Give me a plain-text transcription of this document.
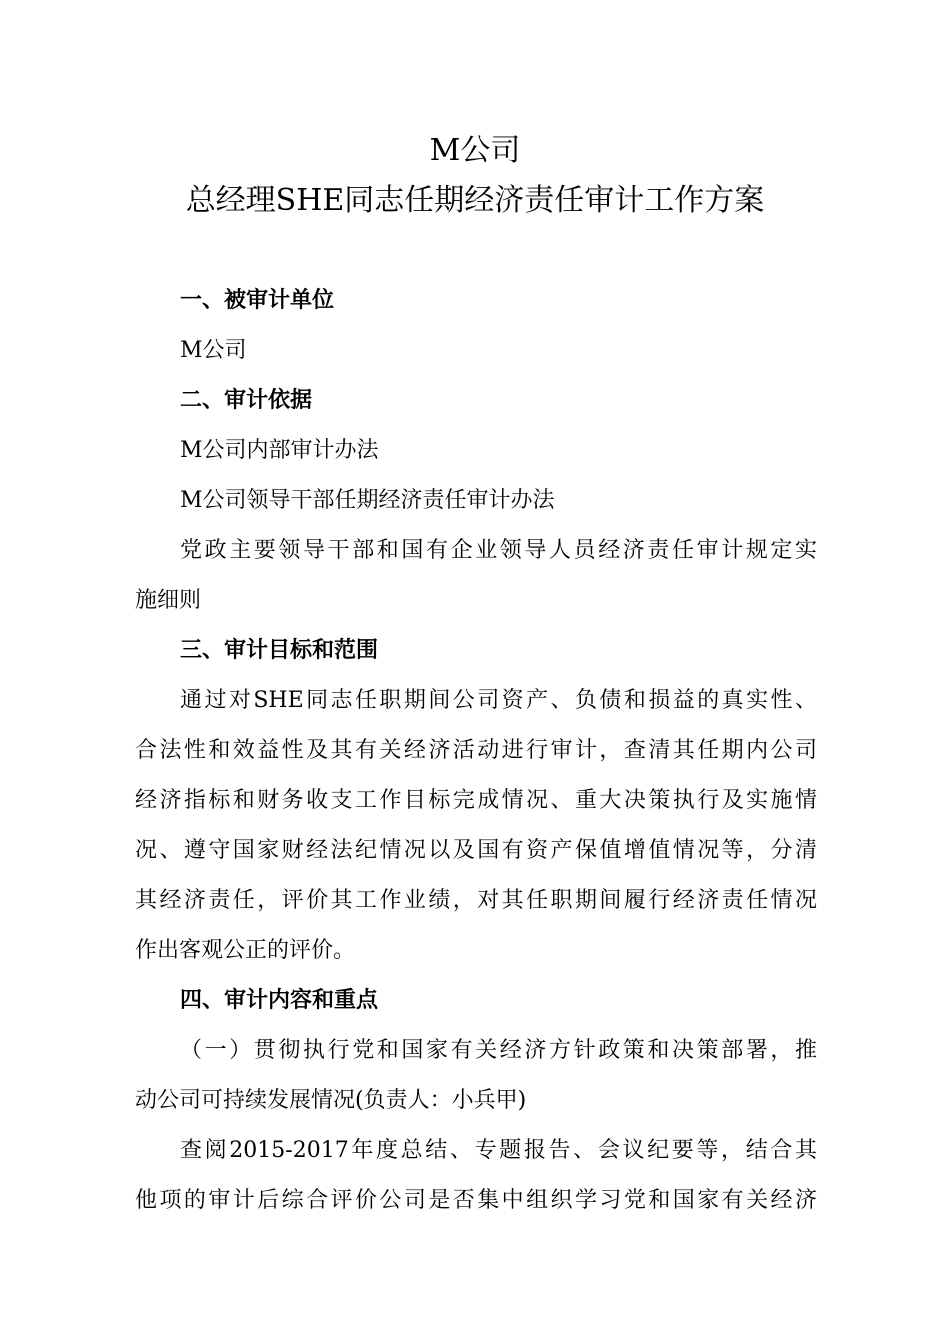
M公司
总经理SHE同志任期经济责任审计工作方案
一、被审计单位
M公司
二、审计依据
M公司内部审计办法
M公司领导干部任期经济责任审计办法
党政主要领导干部和国有企业领导人员经济责任审计规定实
施细则
三、审计目标和范围
通过对SHE同志任职期间公司资产、负债和损益的真实性、
合法性和效益性及其有关经济活动进行审计，查清其任期内公司
经济指标和财务收支工作目标完成情况、重大决策执行及实施情
况、遵守国家财经法纪情况以及国有资产保值增值情况等，分清
其经济责任，评价其工作业绩，对其任职期间履行经济责任情况
作出客观公正的评价。
四、审计内容和重点
（一）贯彻执行党和国家有关经济方针政策和决策部署，推
动公司可持续发展情况(负责人：小兵甲)
查阅2015-2017年度总结、专题报告、会议纪要等，结合其
他项的审计后综合评价公司是否集中组织学习党和国家有关经济
